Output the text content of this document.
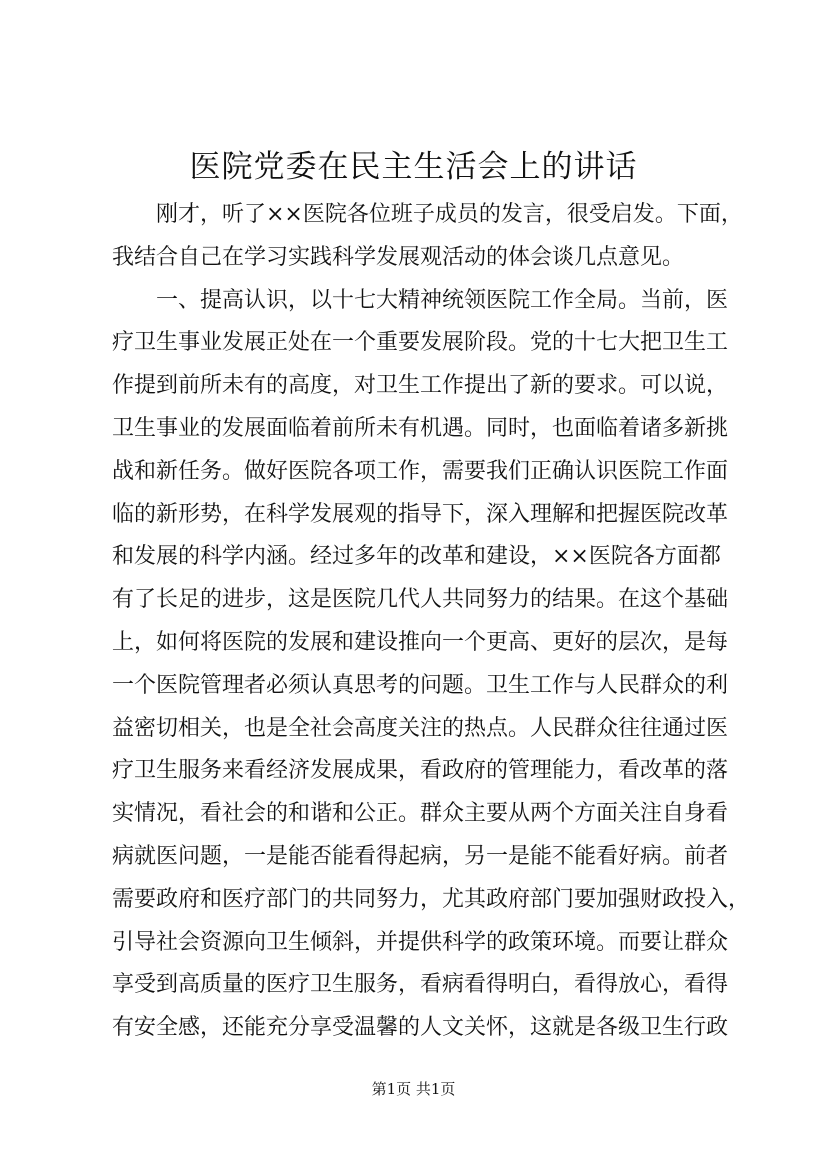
医院党委在民主生活会上的讲话
　　刚才，听了××医院各位班子成员的发言，很受启发。下面，
我结合自己在学习实践科学发展观活动的体会谈几点意见。
　　一、提高认识，以十七大精神统领医院工作全局。当前，医
疗卫生事业发展正处在一个重要发展阶段。党的十七大把卫生工
作提到前所未有的高度，对卫生工作提出了新的要求。可以说，
卫生事业的发展面临着前所未有机遇。同时，也面临着诸多新挑
战和新任务。做好医院各项工作，需要我们正确认识医院工作面
临的新形势，在科学发展观的指导下，深入理解和把握医院改革
和发展的科学内涵。经过多年的改革和建设，××医院各方面都
有了长足的进步，这是医院几代人共同努力的结果。在这个基础
上，如何将医院的发展和建设推向一个更高、更好的层次，是每
一个医院管理者必须认真思考的问题。卫生工作与人民群众的利
益密切相关，也是全社会高度关注的热点。人民群众往往通过医
疗卫生服务来看经济发展成果，看政府的管理能力，看改革的落
实情况，看社会的和谐和公正。群众主要从两个方面关注自身看
病就医问题，一是能否能看得起病，另一是能不能看好病。前者
需要政府和医疗部门的共同努力，尤其政府部门要加强财政投入，
引导社会资源向卫生倾斜，并提供科学的政策环境。而要让群众
享受到高质量的医疗卫生服务，看病看得明白，看得放心，看得
有安全感，还能充分享受温馨的人文关怀，这就是各级卫生行政
第1页 共1页
